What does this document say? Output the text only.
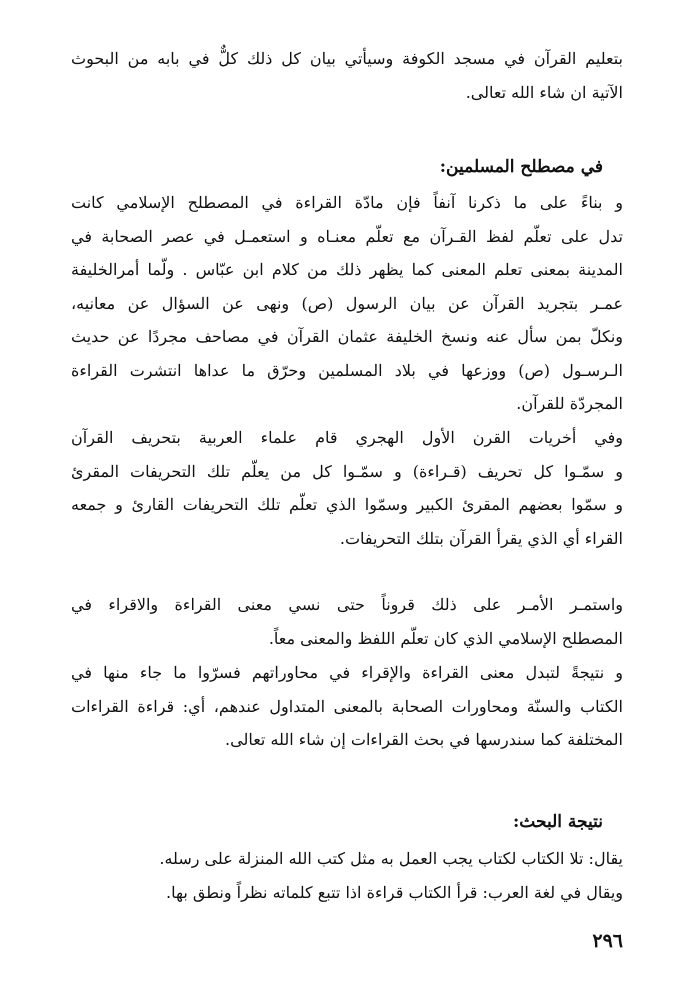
بتعليم القرآن في مسجد الكوفة وسيأتي بيان كل ذلك كلٌّ في بابه من البحوث
الآتية ان شاء الله تعالى.
في مصطلح المسلمين:
و بناءً على ما ذكرنا آنفاً فإن مادّة القراءة في المصطلح الإسلامي كانت
تدل على تعلّم لفظ القـرآن مع تعلّم معنـاه و استعمـل في عصر الصحابة في
المدينة بمعنى تعلم المعنى كما يظهر ذلك من كلام ابن عبّاس . ولّما أمرالخليفة
عمـر بتجريد القرآن عن بيان الرسول (ص) ونهى عن السؤال عن معانيه،
ونكلّ بمن سأل عنه ونسخ الخليفة عثمان القرآن في مصاحف مجردًا عن حديث
الـرسـول (ص) ووزعها في بلاد المسلمين وحرّق ما عداها انتشرت القراءة
المجردّة للقرآن.
وفي أخريات القرن الأول الهجري قام علماء العربية بتحريف القرآن
و سمّـوا كل تحريف (قـراءة) و سمّـوا كل من يعلّم تلك التحريفات المقرئ
و سمّوا بعضهم المقرئ الكبير وسمّوا الذي تعلّم تلك التحريفات القارئ و جمعه
القراء أي الذي يقرأ القرآن بتلك التحريفات.
واستمـر الأمـر على ذلك قروناً حتى نسي معنى القراءة والاقراء في
المصطلح الإسلامي الذي كان تعلّم اللفظ والمعنى معاً.
و نتيجةً لتبدل معنى القراءة والإقراء في محاوراتهم فسرّوا ما جاء منها في
الكتاب والسنّة ومحاورات الصحابة بالمعنى المتداول عندهم، أي: قراءة القراءات
المختلفة كما سندرسها في بحث القراءات إن شاء الله تعالى.
نتيجة البحث:
يقال: تلا الكتاب لكتاب يجب العمل به مثل كتب الله المنزلة على رسله.
ويقال في لغة العرب: قرأ الكتاب قراءة اذا تتبع كلماته نظراً ونطق بها.
٢٩٦
